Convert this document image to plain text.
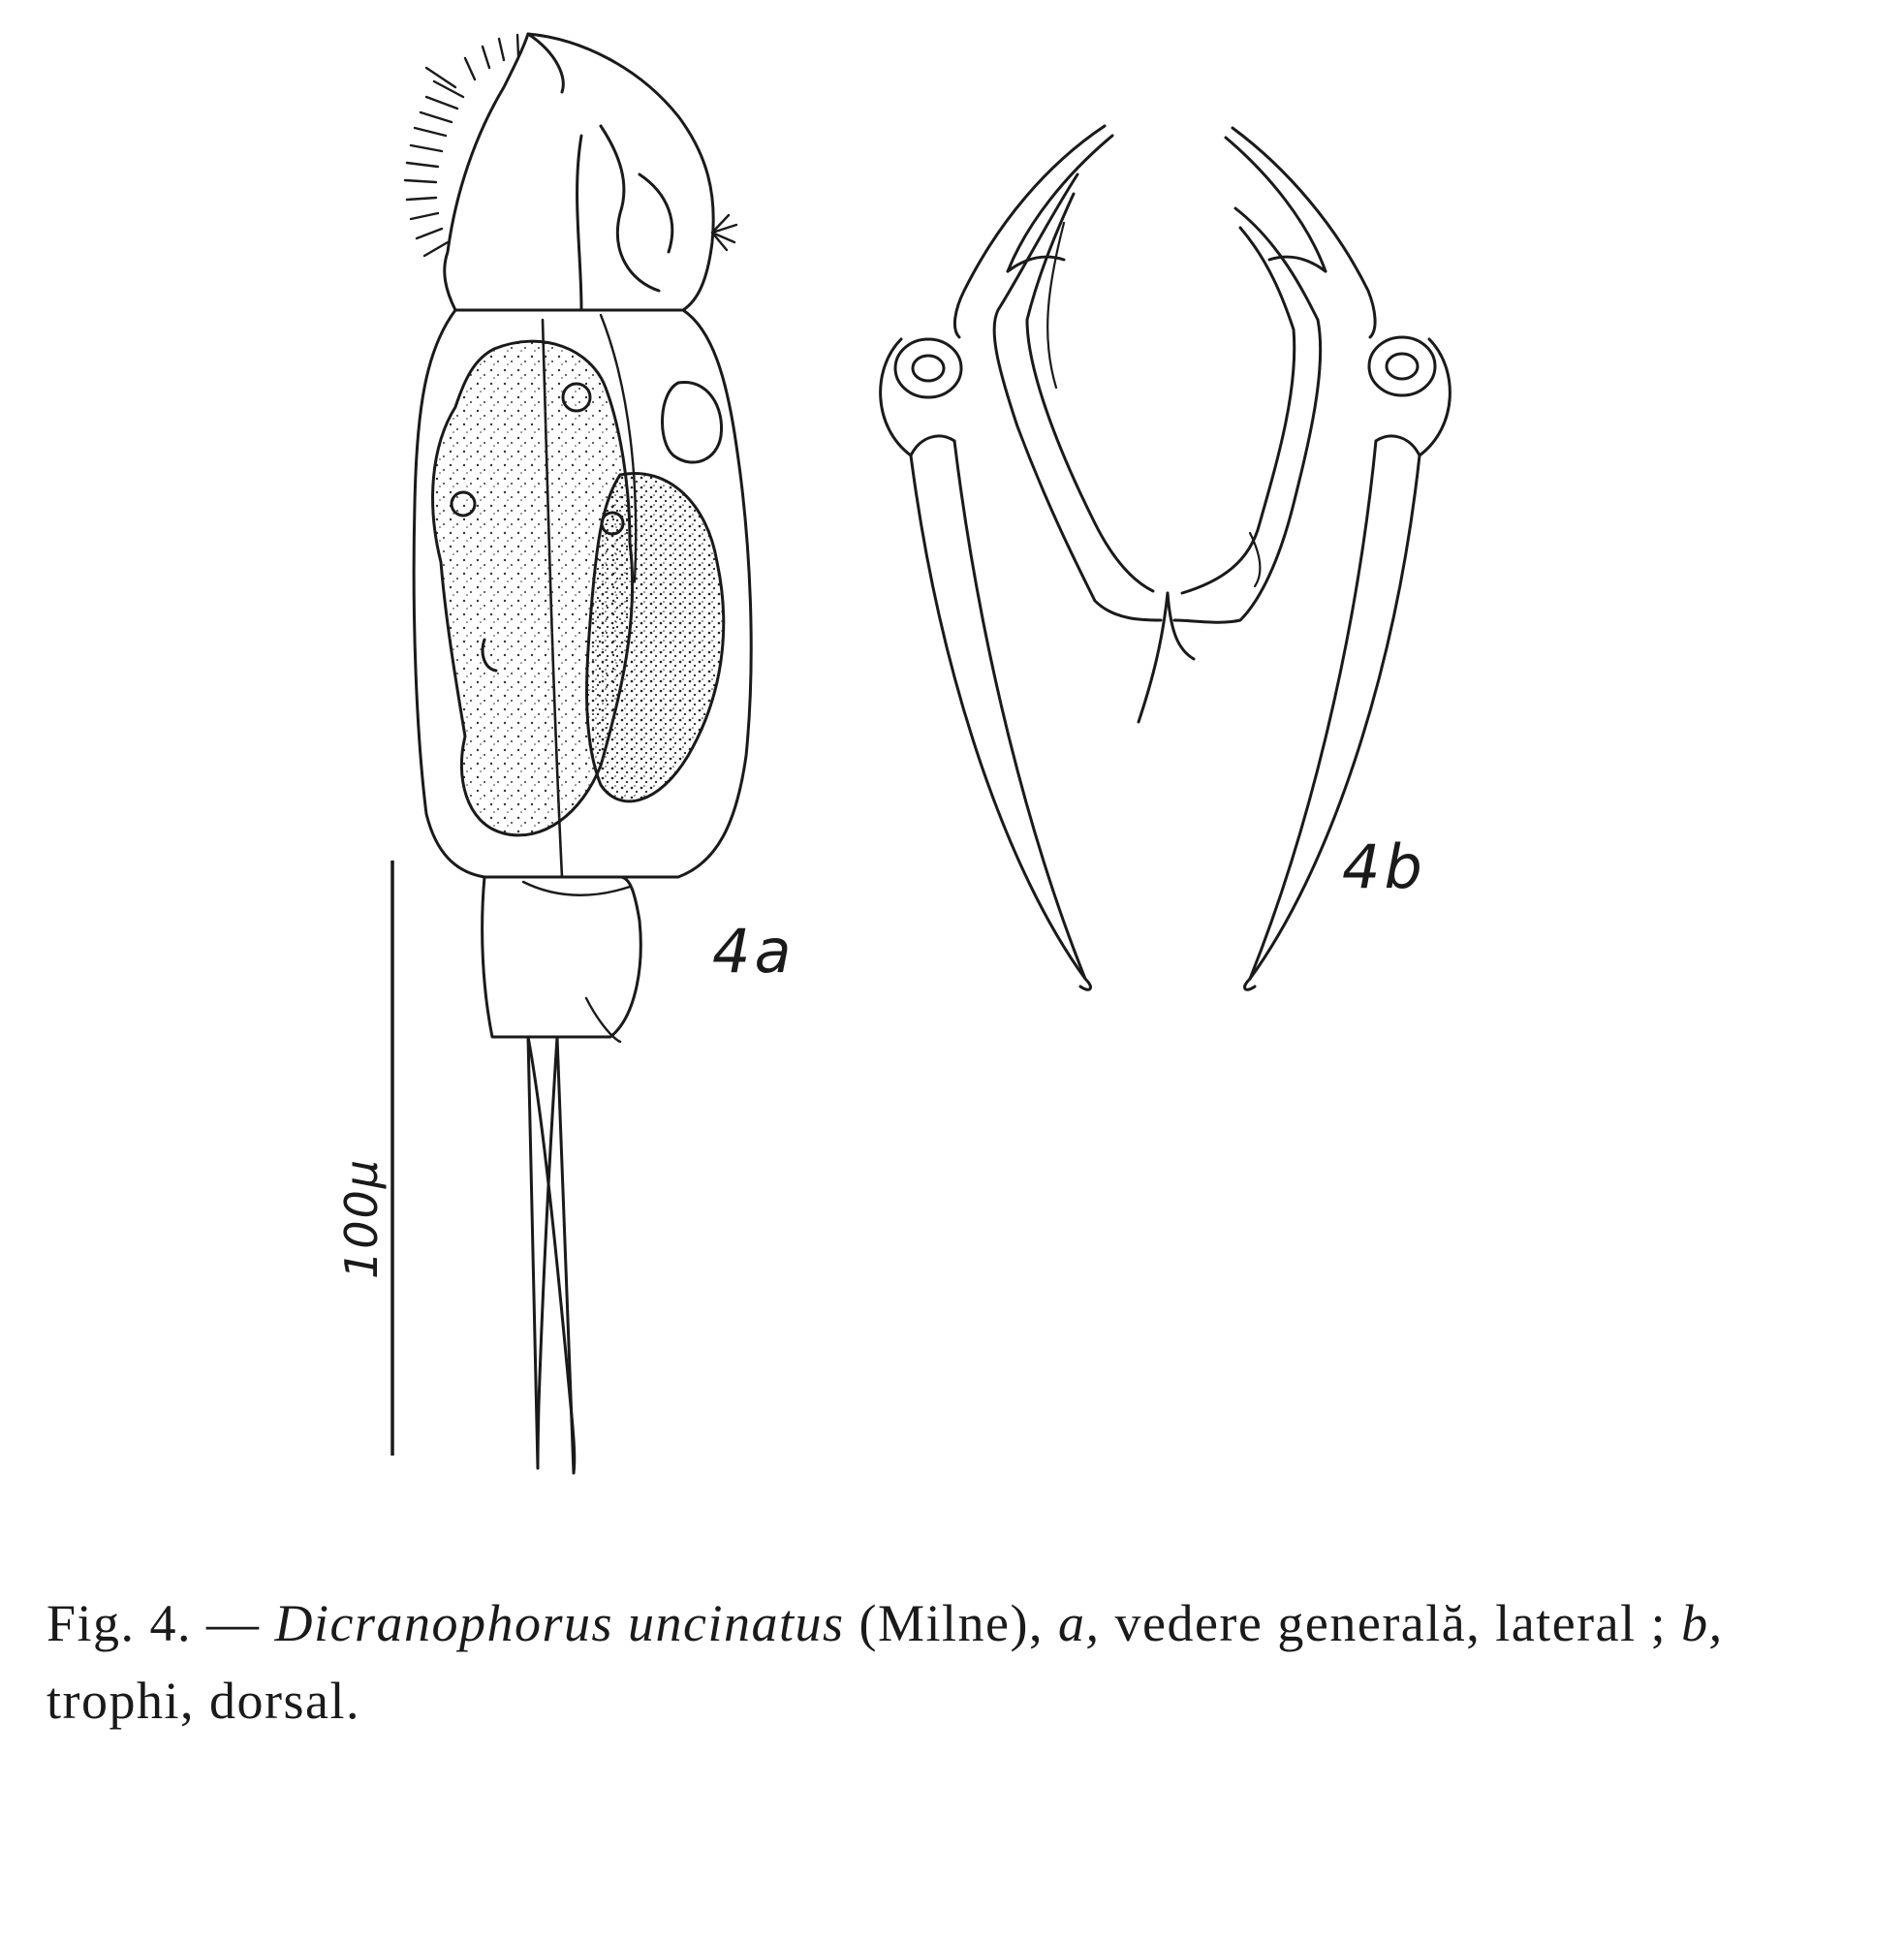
4a
4b
100μ
Fig. 4. — Dicranophorus uncinatus (Milne), a, vedere generală, lateral ; b, trophi, dorsal.
